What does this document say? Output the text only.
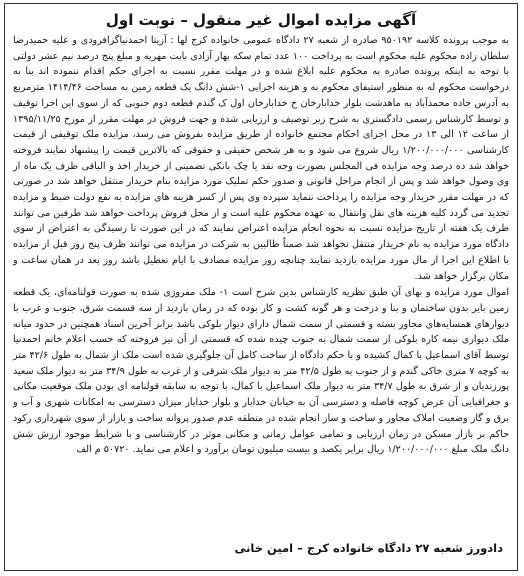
آگهی مزایده اموال غیر منقول – نوبت اول

به موجب پرونده کلاسه ۹۵۰۱۹۲ صادره از شعبه ۲۷ دادگاه عمومی خانواده کرج لها : آزیتا احمدنیاگزافرودی و علیه حمیدرضا سلطان زاده محکوم علیه محکوم است به پرداخت ۱۰۰ عدد تمام سکه بهار آزادی بابت مهریه و مبلغ پنج درصد نیم عشر دولتی با توجه به اینکه پرونده صادره به محکوم علیه ابلاغ شده و در مهلت مقرر نسبت به اجرای حکم اقدام ننموده اند بنا به درخواست محکوم له به منظور استیفای محکوم به و هزینه اجرایی ۱-شش دانگ یک قطعه زمین به مساحت ۱۴۱۴/۴۶ مترمربع به آدرس جاده محمدآباد به ماهدشت بلوار خدابارخان خ خدابارخان اول ک گندم قطعه دوم جنوبی که از سوی این اجرا توقیف و توسط کارشناس رسمی دادگستری به شرح زیر توصیف و ارزیابی شده و جهت فروش در مهلت مقرر از مورخ ۱۳۹۵/۱۱/۲۵ از ساعت ۱۲ الی ۱۳ در محل اجرای احکام مجتمع خانواده از طریق مزایده بفروش می رسد، مزایده ملک توقیفی از قیمت کارشناسی ۱/۲۰۰/۰۰۰/۰۰۰ ریال شروع می شود و به هر شخص حقیقی و حقوقی که بالاترین قیمت را پیشنهاد نمایند فروخته خواهد شد ده درصد وجه مزایده فی المجلس بصورت وجه نقد یا چک بانکی تضمینی از خریدار اخذ و الباقی ظرف یک ماه از وی وصول خواهد شد و پس از انجام مراحل قانونی و صدور حکم تملیک مورد مزایده بنام خریدار منتقل خواهد شد در صورتی که در مهلت مقرر خریدار وجه مزایده را پرداخت ننماید سپرده وی پس از کسر هزینه های مزایده به نفع دولت ضبط و مزایده تجدید می گردد کلیه هزینه های نقل وانتقال به عهده محکوم علیه است و از محل فروش پرداخت خواهد شد طرفین می توانند ظرف یک هفته از تاریخ مزایده نسبت به نحوه انجام مزایده اعتراض نمایند که در این صورت تا رسیدگی به اعتراض از سوی دادگاه مورد مزایده به نام خریدار منتقل نخواهد شد ضمناً طالبین به شرکت در مزایده می توانند ظرف پنج روز قبل از مزایده با اطلاع این اجرا از مال مورد مزایده بازدید نمایند چنانچه روز مزایده مصادف با ایام تعطیل باشد روز بعد در همان ساعت و مکان برگزار خواهد شد.

اموال مورد مزایده و بهای آن طبق نظریه کارشناس بدین شرح است ۱- ملک مفروزی شده به صورت قولنامه‌ای، یک قطعه زمین بایر بدون ساختمان و بنا و درخت و هر گونه کشت و کار بوده که در زمان بازدید از سه قسمت شرق، جنوب و غرب با دیوارهای همسایه‌های مجاور بسته و قسمتی از سمت شمال دارای دیوار بلوکی باشد برابر آخرین اسناد همچنین در حدود میانه ملک دیواری نیمه کاره بلوکی از سمت شمال به جنوب چیده شده که قسمتی از آن نیز فروخته که حسب اعلام خانم احمدنیا توسط آقای اسماعیل با کمال کشیده و با حکم دادگاه از ساخت کامل آن جلوگیری شده است ملک از شمال به طول ۴۲/۶ متر به کوچه ۷ متری خاکی گندم و از جنوب به طول ۴۲/۵ متر به دیوار ملک شرقی و از غرب به طول ۳۴/۹ متر به دیوار ملک سعید پورزندیان و از شرق به طول ۳۴/۷ متر به دیوار ملک اسماعیل با کمال، با توجه به سابقه قولنامه ای بودن ملک موقعیت مکانی و جغرافیایی آن عرض کوچه فاصله و دسترسی آن به خیابان خدایار و بلوار خدایار میزان دسترسی به امکانات شهری و آب و برق و گاز وضعیت املاک مجاور و ساخت و ساز انجام شده در منطقه عدم صدور پروانه ساخت و بازار از سوی شهرداری رکود حاکم بر بازار مسکن در زمان ارزیابی و تمامی عوامل زمانی و مکانی موثر در کارشناسی و با شرایط موجود ارزش شش دانگ ملک مبلغ ۱/۲۰۰/۰۰۰/۰۰۰ ریال برابر یکصد و بیست میلیون تومان برآورد و اعلام می نماید. ۵۰۷۲۰ م الف

دادورز شعبه ۲۷ دادگاه خانواده کرج – امین خانی
